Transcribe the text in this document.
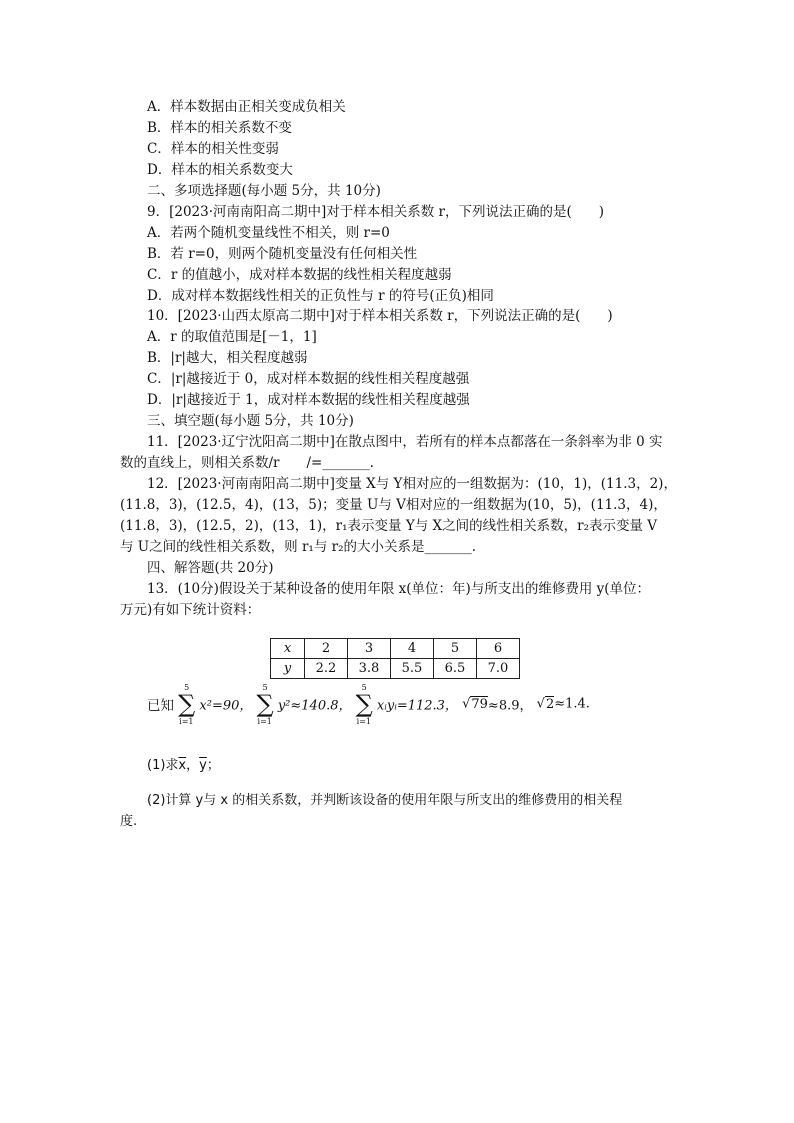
A．样本数据由正相关变成负相关
B．样本的相关系数不变
C．样本的相关性变弱
D．样本的相关系数变大
二、多项选择题(每小题 5分，共 10分)
9．[2023·河南南阳高二期中]对于样本相关系数 r，下列说法正确的是(　　)
A．若两个随机变量线性不相关，则 r=0
B．若 r=0，则两个随机变量没有任何相关性
C．r 的值越小，成对样本数据的线性相关程度越弱
D．成对样本数据线性相关的正负性与 r 的符号(正负)相同
10．[2023·山西太原高二期中]对于样本相关系数 r，下列说法正确的是(　　)
A．r 的取值范围是[－1，1]
B．|r|越大，相关程度越弱
C．|r|越接近于 0，成对样本数据的线性相关程度越强
D．|r|越接近于 1，成对样本数据的线性相关程度越强
三、填空题(每小题 5分，共 10分)
11．[2023·辽宁沈阳高二期中]在散点图中，若所有的样本点都落在一条斜率为非 0 实
数的直线上，则相关系数/r　　/=_______.
12．[2023·河南南阳高二期中]变量 X与 Y相对应的一组数据为：(10，1)，(11.3，2)，
(11.8，3)，(12.5，4)，(13，5)；变量 U与 V相对应的一组数据为(10，5)，(11.3，4)，
(11.8，3)，(12.5，2)，(13，1)，r₁表示变量 Y与 X之间的线性相关系数，r₂表示变量 V
与 U之间的线性相关系数，则 r₁与 r₂的大小关系是_______.
四、解答题(共 20分)
13．(10分)假设关于某种设备的使用年限 x(单位：年)与所支出的维修费用 y(单位：
万元)有如下统计资料：
x	2	3	4	5	6
y	2.2	3.8	5.5	6.5	7.0
已知 ∑
5
i=1
x²=90， ∑
5
i=1
y²≈140.8， ∑
5
i=1
xᵢyᵢ=112.3， √79≈8.9， √2≈1.4.
(1)求$\overline{x}$，$\overline{y}$；
(2)计算 y与 x 的相关系数，并判断该设备的使用年限与所支出的维修费用的相关程
度.
